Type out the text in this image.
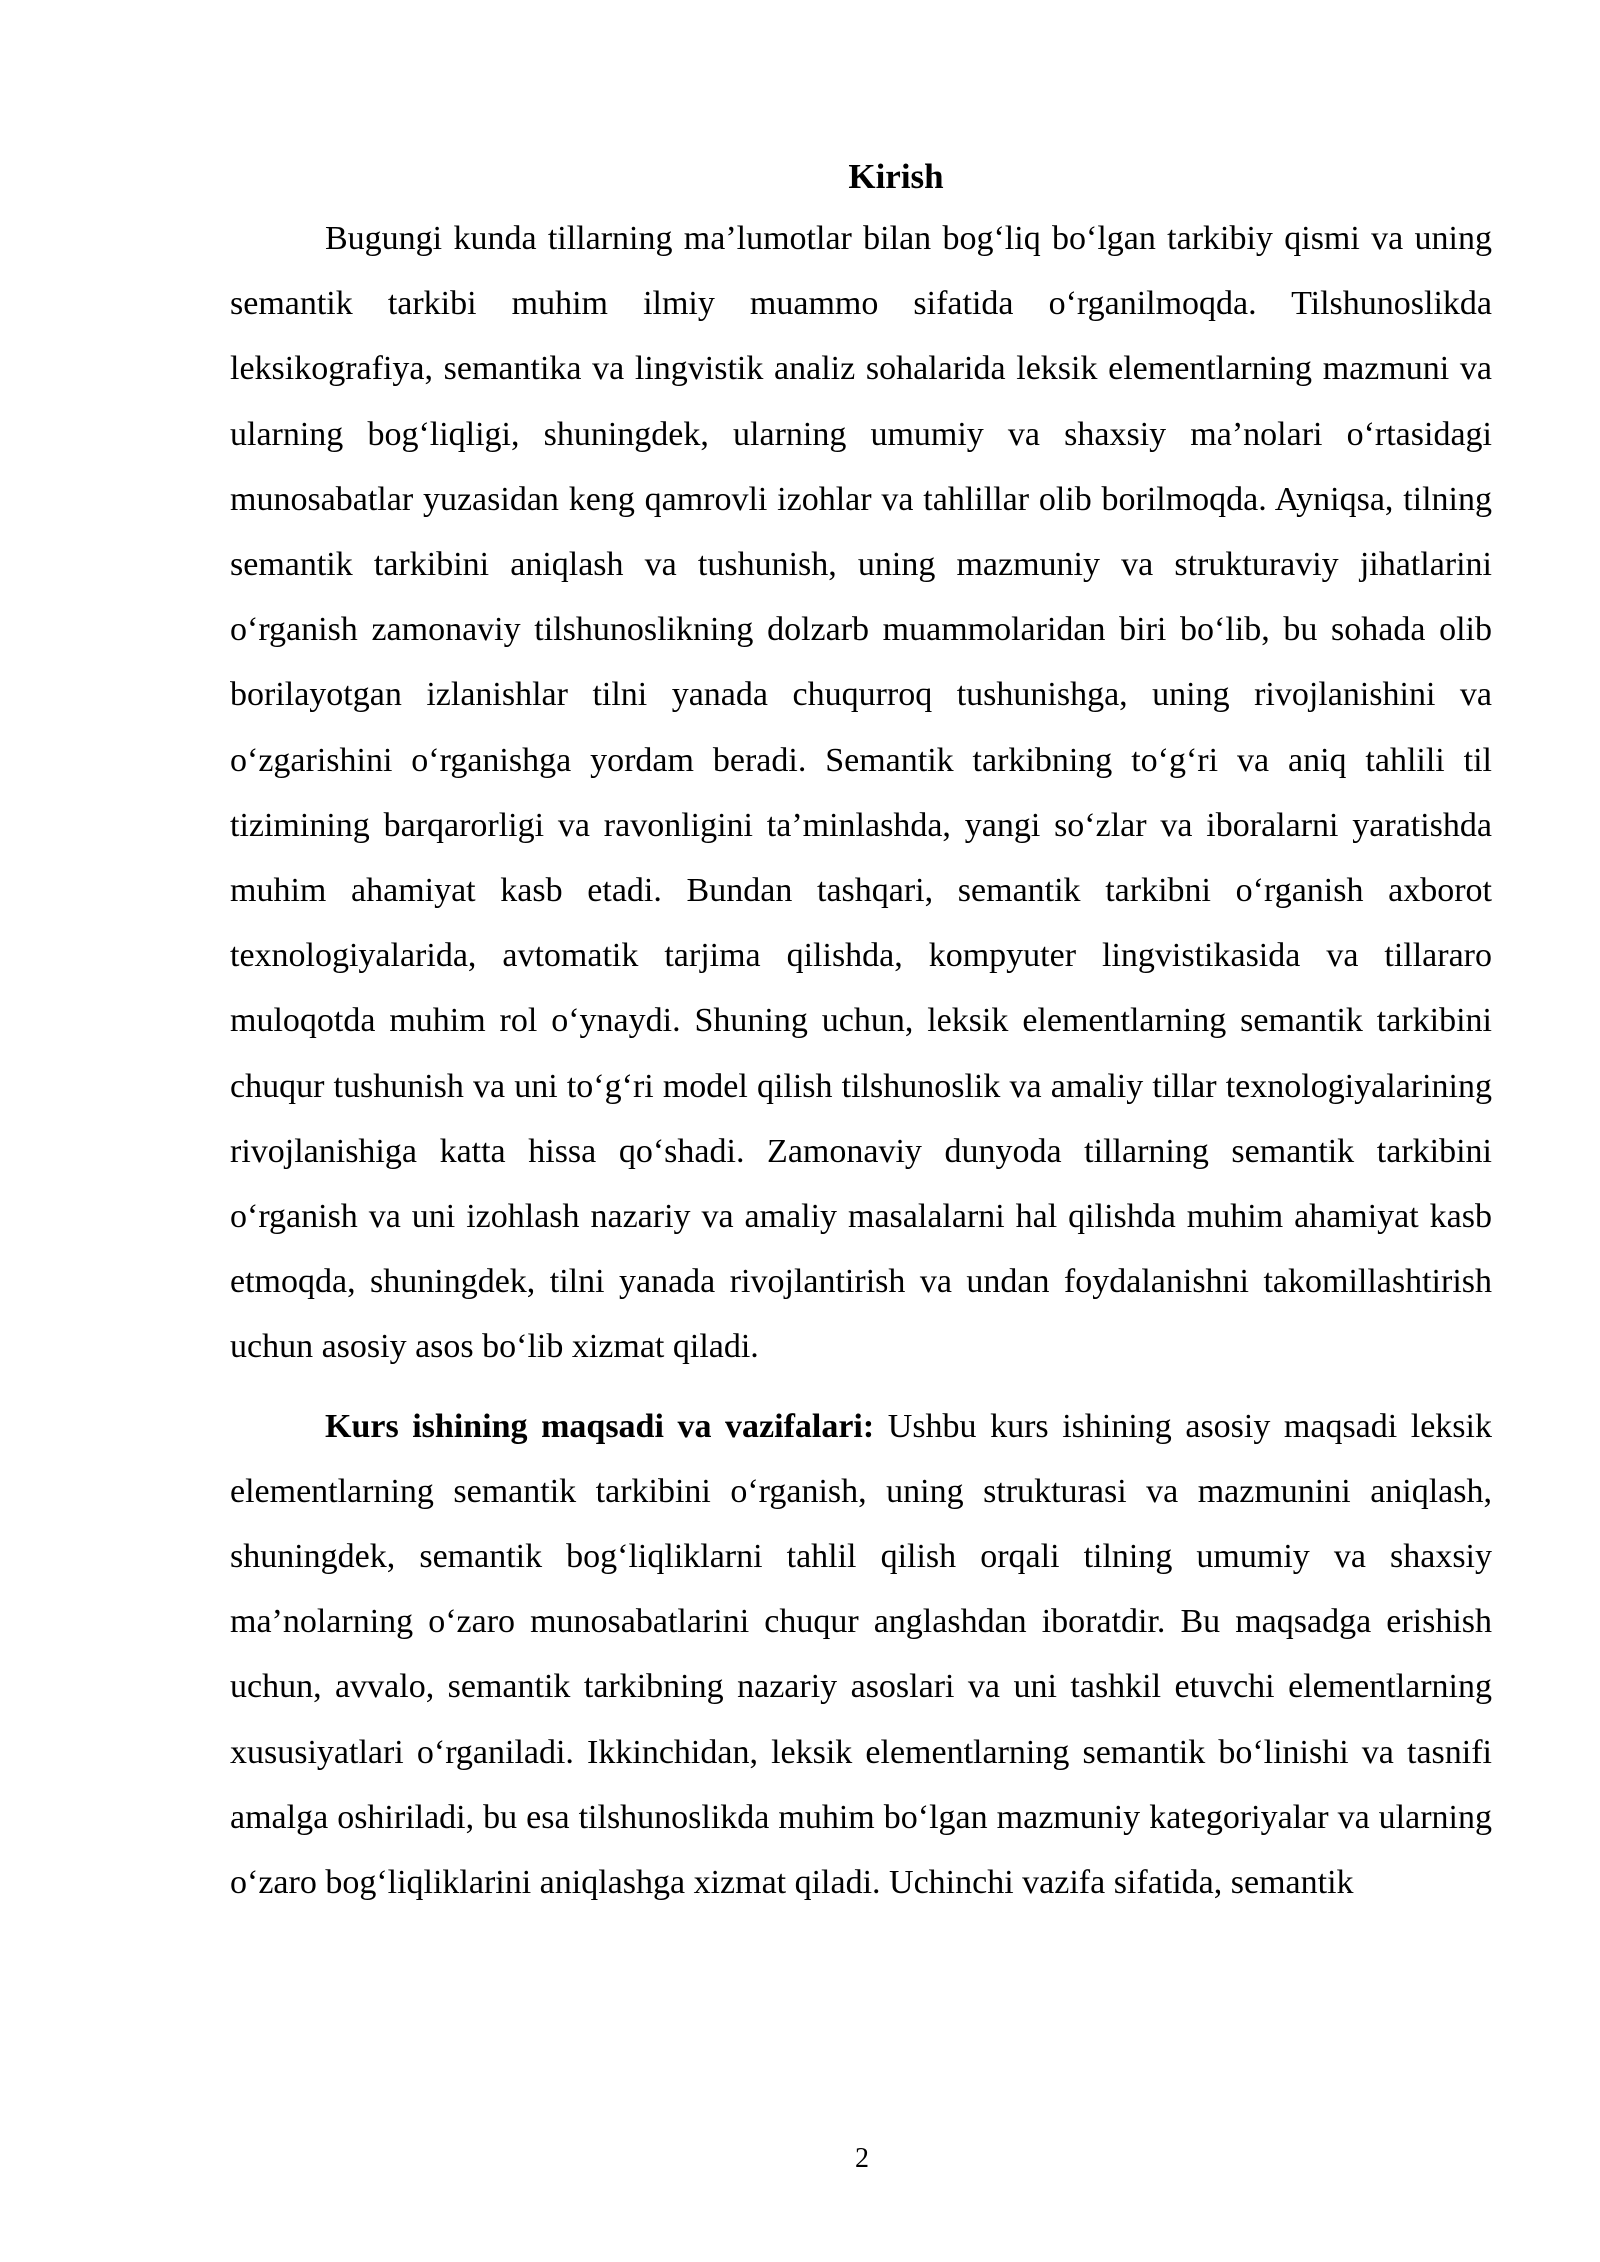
Kirish

Bugungi kunda tillarning ma’lumotlar bilan bog‘liq bo‘lgan tarkibiy qismi va uning semantik tarkibi muhim ilmiy muammo sifatida o‘rganilmoqda. Tilshunoslikda leksikografiya, semantika va lingvistik analiz sohalarida leksik elementlarning mazmuni va ularning bog‘liqligi, shuningdek, ularning umumiy va shaxsiy ma’nolari o‘rtasidagi munosabatlar yuzasidan keng qamrovli izohlar va tahlillar olib borilmoqda. Ayniqsa, tilning semantik tarkibini aniqlash va tushunish, uning mazmuniy va strukturaviy jihatlarini o‘rganish zamonaviy tilshunoslikning dolzarb muammolaridan biri bo‘lib, bu sohada olib borilayotgan izlanishlar tilni yanada chuqurroq tushunishga, uning rivojlanishini va o‘zgarishini o‘rganishga yordam beradi. Semantik tarkibning to‘g‘ri va aniq tahlili til tizimining barqarorligi va ravonligini ta’minlashda, yangi so‘zlar va iboralarni yaratishda muhim ahamiyat kasb etadi. Bundan tashqari, semantik tarkibni o‘rganish axborot texnologiyalarida, avtomatik tarjima qilishda, kompyuter lingvistikasida va tillararo muloqotda muhim rol o‘ynaydi. Shuning uchun, leksik elementlarning semantik tarkibini chuqur tushunish va uni to‘g‘ri model qilish tilshunoslik va amaliy tillar texnologiyalarining rivojlanishiga katta hissa qo‘shadi. Zamonaviy dunyoda tillarning semantik tarkibini o‘rganish va uni izohlash nazariy va amaliy masalalarni hal qilishda muhim ahamiyat kasb etmoqda, shuningdek, tilni yanada rivojlantirish va undan foydalanishni takomillashtirish uchun asosiy asos bo‘lib xizmat qiladi.

Kurs ishining maqsadi va vazifalari: Ushbu kurs ishining asosiy maqsadi leksik elementlarning semantik tarkibini o‘rganish, uning strukturasi va mazmunini aniqlash, shuningdek, semantik bog‘liqliklarni tahlil qilish orqali tilning umumiy va shaxsiy ma’nolarning o‘zaro munosabatlarini chuqur anglashdan iboratdir. Bu maqsadga erishish uchun, avvalo, semantik tarkibning nazariy asoslari va uni tashkil etuvchi elementlarning xususiyatlari o‘rganiladi. Ikkinchidan, leksik elementlarning semantik bo‘linishi va tasnifi amalga oshiriladi, bu esa tilshunoslikda muhim bo‘lgan mazmuniy kategoriyalar va ularning o‘zaro bog‘liqliklarini aniqlashga xizmat qiladi. Uchinchi vazifa sifatida, semantik

2
